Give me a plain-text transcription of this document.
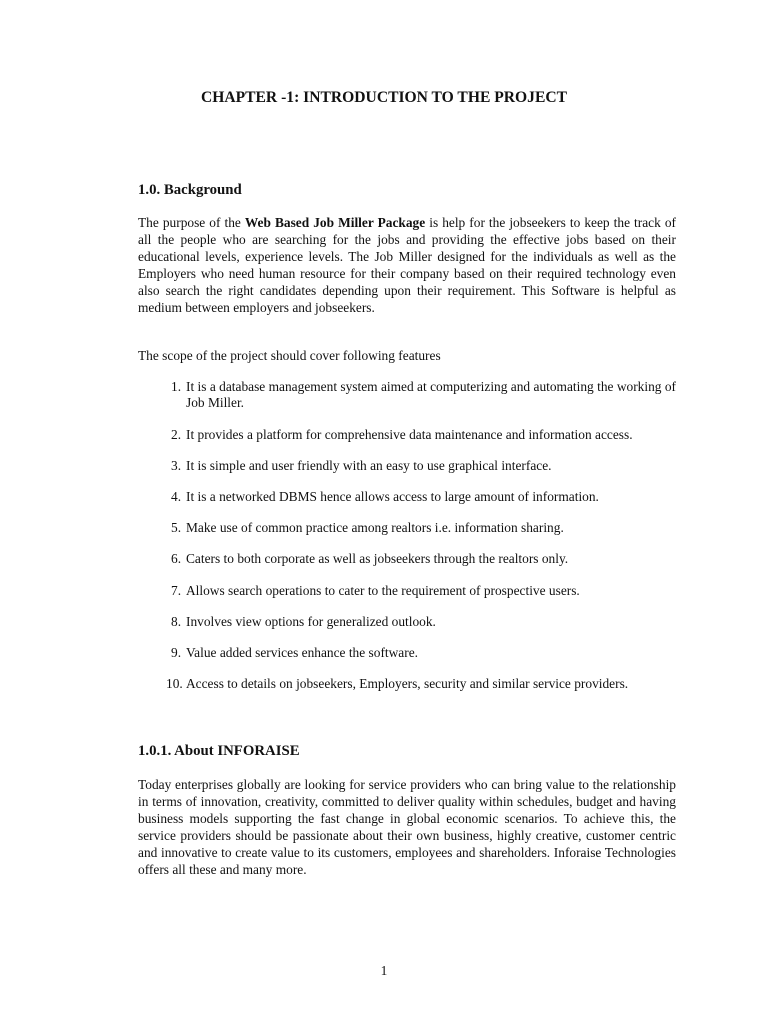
CHAPTER -1: INTRODUCTION TO THE PROJECT
1.0. Background

The purpose of the Web Based Job Miller Package is help for the jobseekers to keep the track of all the people who are searching for the jobs and providing the effective jobs based on their educational levels, experience levels. The Job Miller designed for the individuals as well as the Employers who need human resource for their company based on their required technology even also search the right candidates depending upon their requirement. This Software is helpful as medium between employers and jobseekers.

The scope of the project should cover following features

1. It is a database management system aimed at computerizing and automating the working of Job Miller.
2. It provides a platform for comprehensive data maintenance and information access.
3. It is simple and user friendly with an easy to use graphical interface.
4. It is a networked DBMS hence allows access to large amount of information.
5. Make use of common practice among realtors i.e. information sharing.
6. Caters to both corporate as well as jobseekers through the realtors only.
7. Allows search operations to cater to the requirement of prospective users.
8. Involves view options for generalized outlook.
9. Value added services enhance the software.
10. Access to details on jobseekers, Employers, security and similar service providers.
1.0.1. About INFORAISE

Today enterprises globally are looking for service providers who can bring value to the relationship in terms of innovation, creativity, committed to deliver quality within schedules, budget and having business models supporting the fast change in global economic scenarios. To achieve this, the service providers should be passionate about their own business, highly creative, customer centric and innovative to create value to its customers, employees and shareholders. Inforaise Technologies offers all these and many more.

1
